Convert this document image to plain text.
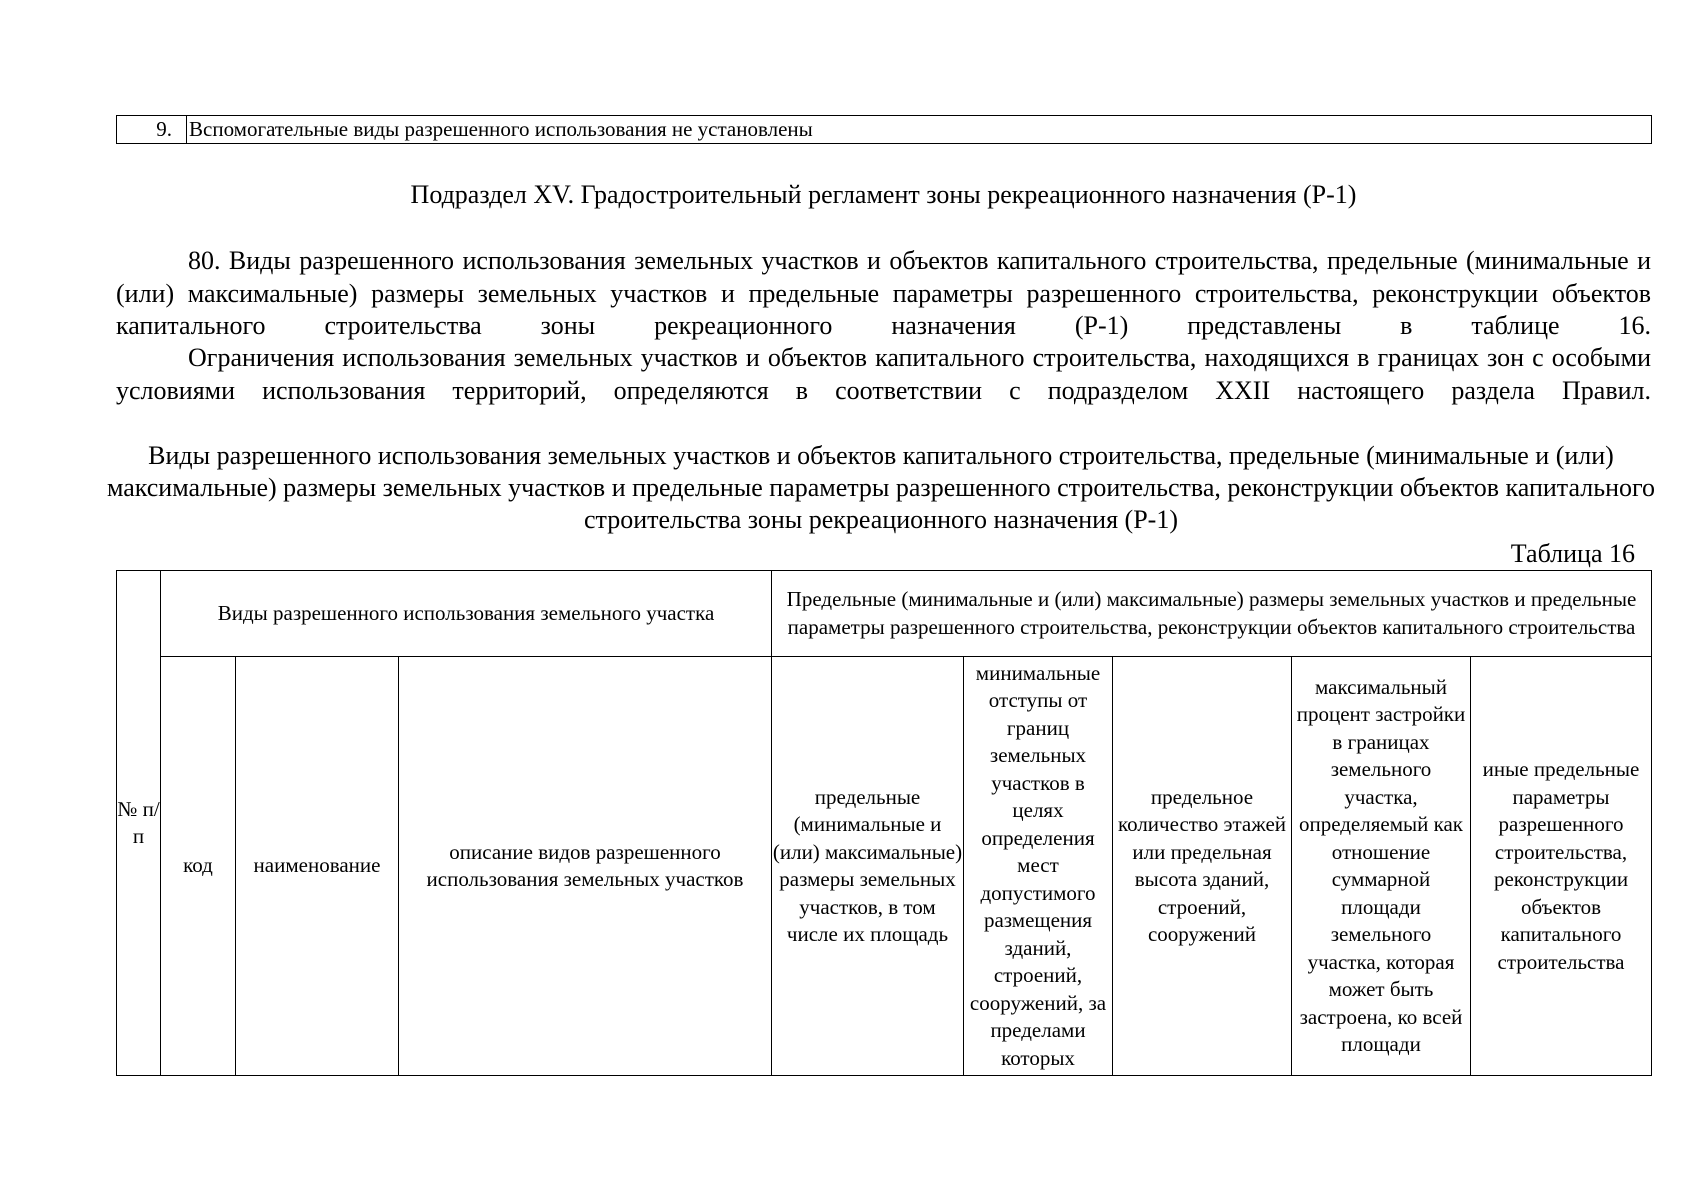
9.	Вспомогательные виды разрешенного использования не установлены
Подраздел XV. Градостроительный регламент зоны рекреационного назначения (Р-1)

80. Виды разрешенного использования земельных участков и объектов капитального строительства, предельные (минимальные и (или) максимальные) размеры земельных участков и предельные параметры разрешенного строительства, реконструкции объектов капитального строительства зоны рекреационного назначения (Р-1) представлены в таблице 16.

Ограничения использования земельных участков и объектов капитального строительства, находящихся в границах зон с особыми условиями использования территорий, определяются в соответствии с подразделом XXII настоящего раздела Правил.

Виды разрешенного использования земельных участков и объектов капитального строительства, предельные (минимальные и (или) максимальные) размеры земельных участков и предельные параметры разрешенного строительства, реконструкции объектов капитального строительства зоны рекреационного назначения (Р-1)
Таблица 16
№ п/п	Виды разрешенного использования земельного участка			Предельные (минимальные и (или) максимальные) размеры земельных участков и предельные параметры разрешенного строительства, реконструкции объектов капитального строительства				
	код	наименование	описание видов разрешенного использования земельных участков	предельные (минимальные и (или) максимальные) размеры земельных участков, в том числе их площадь	минимальные отступы от границ земельных участков в целях определения мест допустимого размещения зданий, строений, сооружений, за пределами которых	предельное количество этажей или предельная высота зданий, строений, сооружений	максимальный процент застройки в границах земельного участка, определяемый как отношение суммарной площади земельного участка, которая может быть застроена, ко всей площади	иные предельные параметры разрешенного строительства, реконструкции объектов капитального строительства
